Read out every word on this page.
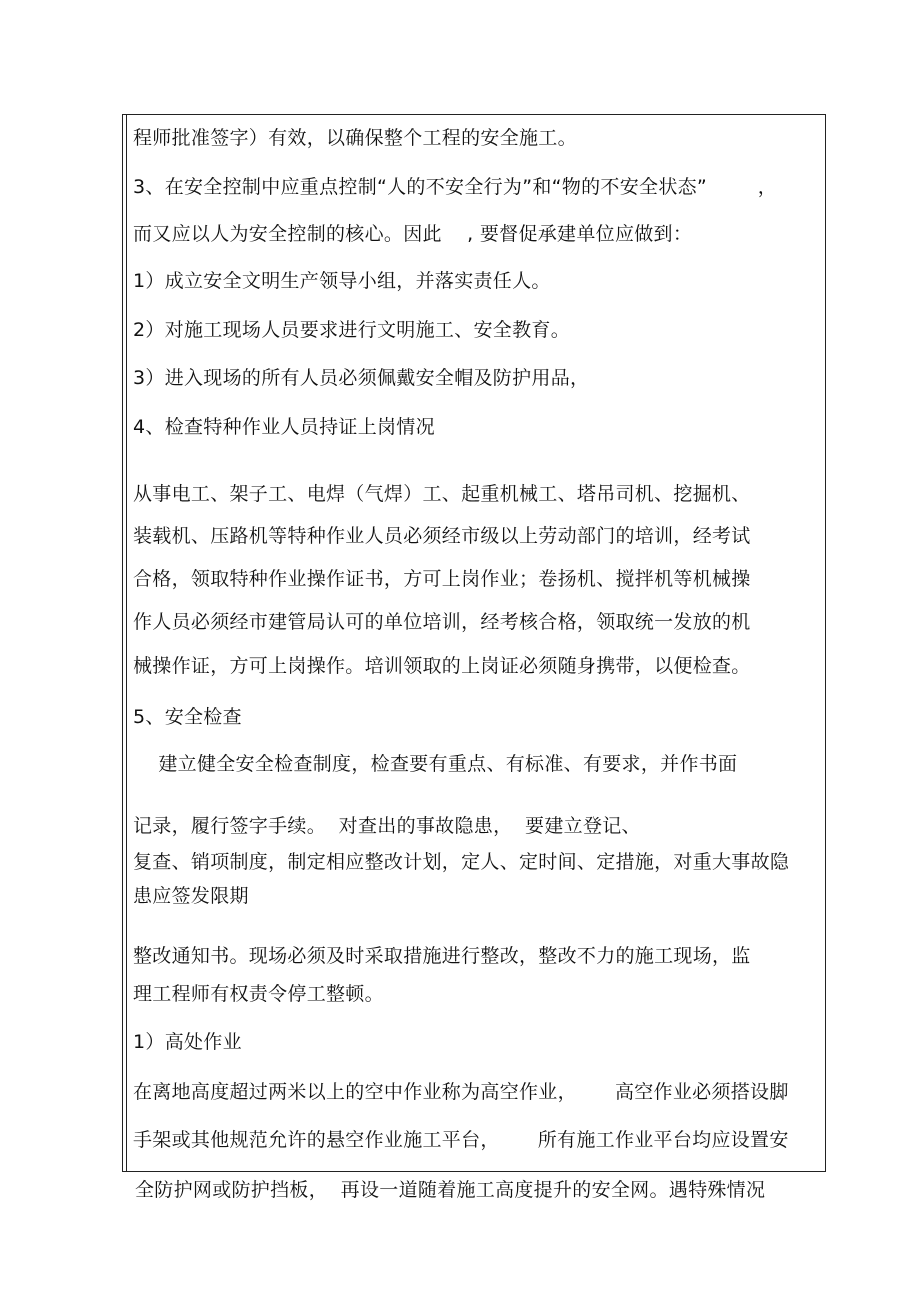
程师批准签字）有效，以确保整个工程的安全施工。
3、在安全控制中应重点控制“人的不安全行为”和“物的不安全状态”        ，
而又应以人为安全控制的核心。因此    , 要督促承建单位应做到：
1）成立安全文明生产领导小组，并落实责任人。
2）对施工现场人员要求进行文明施工、安全教育。
3）进入现场的所有人员必须佩戴安全帽及防护用品，
4、检查特种作业人员持证上岗情况
从事电工、架子工、电焊（气焊）工、起重机械工、塔吊司机、挖掘机、
装载机、压路机等特种作业人员必须经市级以上劳动部门的培训，经考试
合格，领取特种作业操作证书，方可上岗作业；卷扬机、搅拌机等机械操
作人员必须经市建管局认可的单位培训，经考核合格，领取统一发放的机
械操作证，方可上岗操作。培训领取的上岗证必须随身携带，以便检查。
5、安全检查
建立健全安全检查制度，检查要有重点、有标准、有要求，并作书面
记录，履行签字手续。  对查出的事故隐患，  要建立登记、
复查、销项制度，制定相应整改计划，定人、定时间、定措施，对重大事故隐
患应签发限期
整改通知书。现场必须及时采取措施进行整改，整改不力的施工现场，监
理工程师有权责令停工整顿。
1）高处作业
在离地高度超过两米以上的空中作业称为高空作业，      高空作业必须搭设脚
手架或其他规范允许的悬空作业施工平台，      所有施工作业平台均应设置安
全防护网或防护挡板，  再设一道随着施工高度提升的安全网。遇特殊情况
